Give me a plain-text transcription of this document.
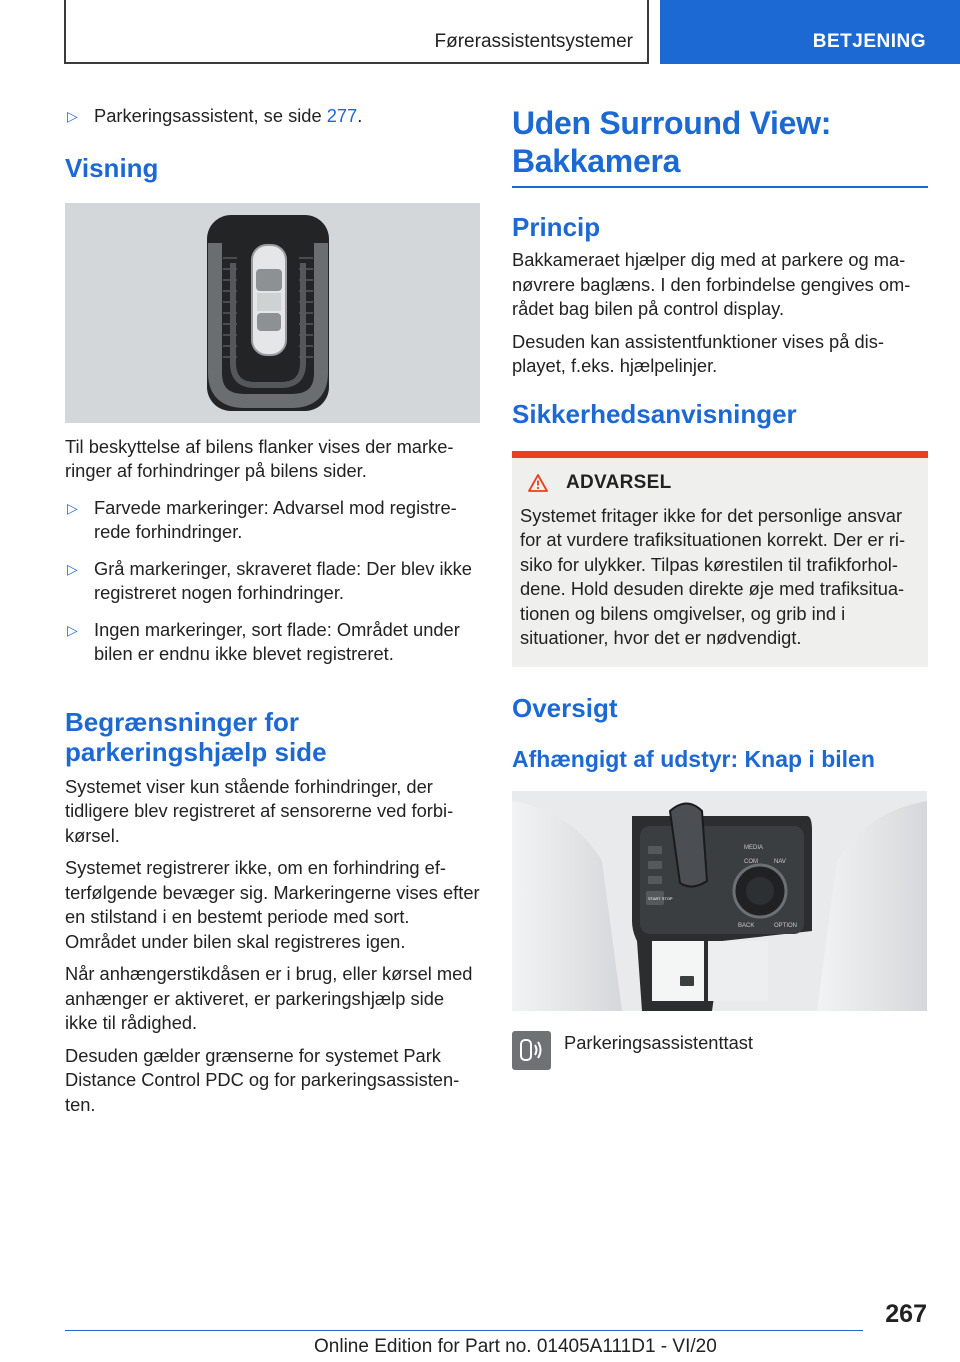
Førerassistentsystemer	BETJENING
▷ Parkeringsassistent, se side 277.
Visning

Til beskyttelse af bilens flanker vises der markeringer af forhindringer på bilens sider.

▷ Farvede markeringer: Advarsel mod registrerede forhindringer.
▷ Grå markeringer, skraveret flade: Der blev ikke registreret nogen forhindringer.
▷ Ingen markeringer, sort flade: Området under bilen er endnu ikke blevet registreret.
Begrænsninger for parkeringshjælp side

Systemet viser kun stående forhindringer, der tidligere blev registreret af sensorerne ved forbikørsel.

Systemet registrerer ikke, om en forhindring efterfølgende bevæger sig. Markeringerne vises efter en stilstand i en bestemt periode med sort. Området under bilen skal registreres igen.

Når anhængerstikdåsen er i brug, eller kørsel med anhænger er aktiveret, er parkeringshjælp side ikke til rådighed.

Desuden gælder grænserne for systemet Park Distance Control PDC og for parkeringsassistenten.

Uden Surround View: Bakkamera
Princip

Bakkameraet hjælper dig med at parkere og manøvrere baglæns. I den forbindelse gengives området bag bilen på control display.

Desuden kan assistentfunktioner vises på displayet, f.eks. hjælpelinjer.

Sikkerhedsanvisninger
ADVARSEL

Systemet fritager ikke for det personlige ansvar for at vurdere trafiksituationen korrekt. Der er risiko for ulykker. Tilpas kørestilen til trafikforholdene. Hold desuden direkte øje med trafiksituationen og bilens omgivelser, og grib ind i situationer, hvor det er nødvendigt.

Oversigt
Afhængigt af udstyr: Knap i bilen
MEDIA
COM	NAV
BACK	OPTION
START STOP
Parkeringsassistenttast
267
Online Edition for Part no. 01405A111D1 - VI/20
